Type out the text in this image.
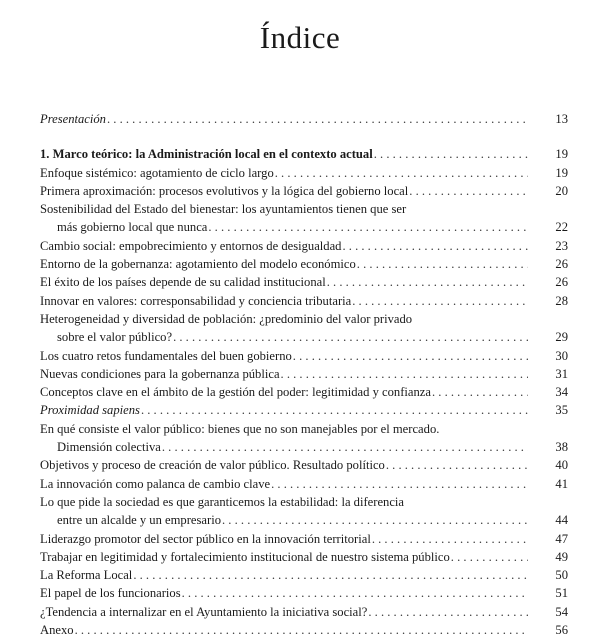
Índice
Presentación . . .	13
1. Marco teórico: la Administración local en el contexto actual . . .	19
Enfoque sistémico: agotamiento de ciclo largo . . .	19
Primera aproximación: procesos evolutivos y la lógica del gobierno local . . .	20
Sostenibilidad del Estado del bienestar: los ayuntamientos tienen que ser
más gobierno local que nunca . . .	22
Cambio social: empobrecimiento y entornos de desigualdad . . .	23
Entorno de la gobernanza: agotamiento del modelo económico . . .	26
El éxito de los países depende de su calidad institucional . . .	26
Innovar en valores: corresponsabilidad y conciencia tributaria . . .	28
Heterogeneidad y diversidad de población: ¿predominio del valor privado
sobre el valor público? . . .	29
Los cuatro retos fundamentales del buen gobierno . . .	30
Nuevas condiciones para la gobernanza pública . . .	31
Conceptos clave en el ámbito de la gestión del poder: legitimidad y confianza . . .	34
Proximidad sapiens . . .	35
En qué consiste el valor público: bienes que no son manejables por el mercado.
Dimensión colectiva . . .	38
Objetivos y proceso de creación de valor público. Resultado político . . .	40
La innovación como palanca de cambio clave . . .	41
Lo que pide la sociedad es que garanticemos la estabilidad: la diferencia
entre un alcalde y un empresario . . .	44
Liderazgo promotor del sector público en la innovación territorial . . .	47
Trabajar en legitimidad y fortalecimiento institucional de nuestro sistema público . . .	49
La Reforma Local . . .	50
El papel de los funcionarios . . .	51
¿Tendencia a internalizar en el Ayuntamiento la iniciativa social? . . .	54
Anexo . . .	56
